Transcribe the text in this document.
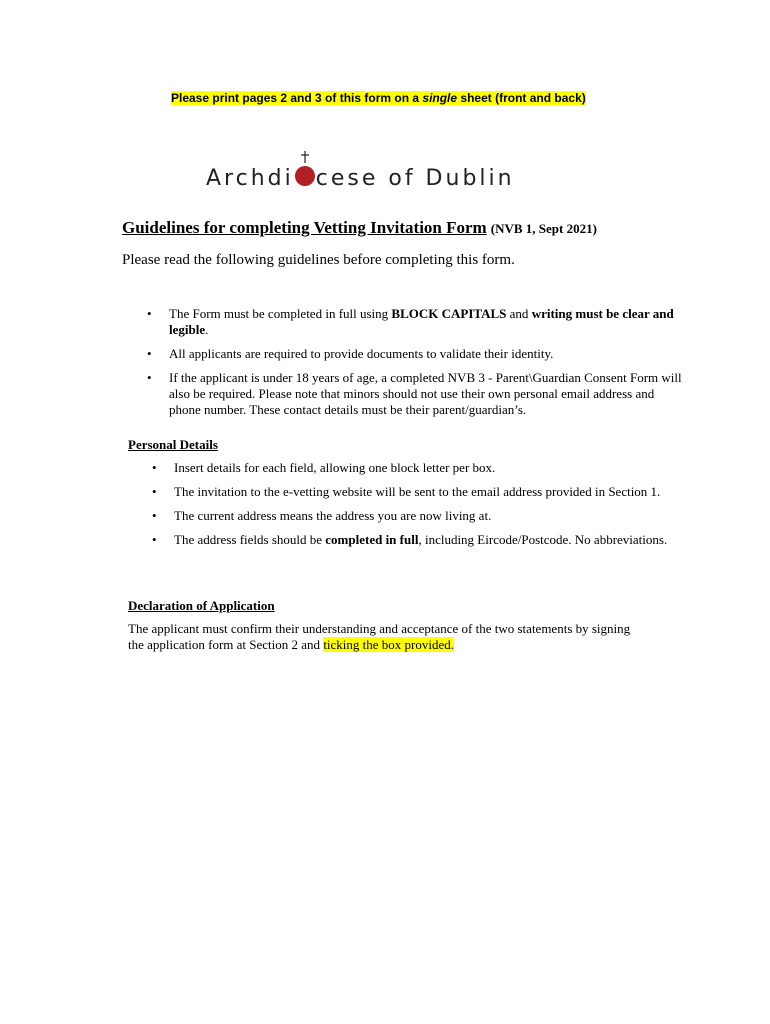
Please print pages 2 and 3 of this form on a single sheet (front and back)
Archdi cese of Dublin
Guidelines for completing Vetting Invitation Form (NVB 1, Sept 2021)
Please read the following guidelines before completing this form.
• The Form must be completed in full using BLOCK CAPITALS and writing must be clear and legible.
• All applicants are required to provide documents to validate their identity.
• If the applicant is under 18 years of age, a completed NVB 3 - Parent\Guardian Consent Form will also be required. Please note that minors should not use their own personal email address and phone number. These contact details must be their parent/guardian’s.
Personal Details
• Insert details for each field, allowing one block letter per box.
• The invitation to the e-vetting website will be sent to the email address provided in Section 1.
• The current address means the address you are now living at.
• The address fields should be completed in full, including Eircode/Postcode. No abbreviations.
Declaration of Application
The applicant must confirm their understanding and acceptance of the two statements by signing the application form at Section 2 and ticking the box provided.
